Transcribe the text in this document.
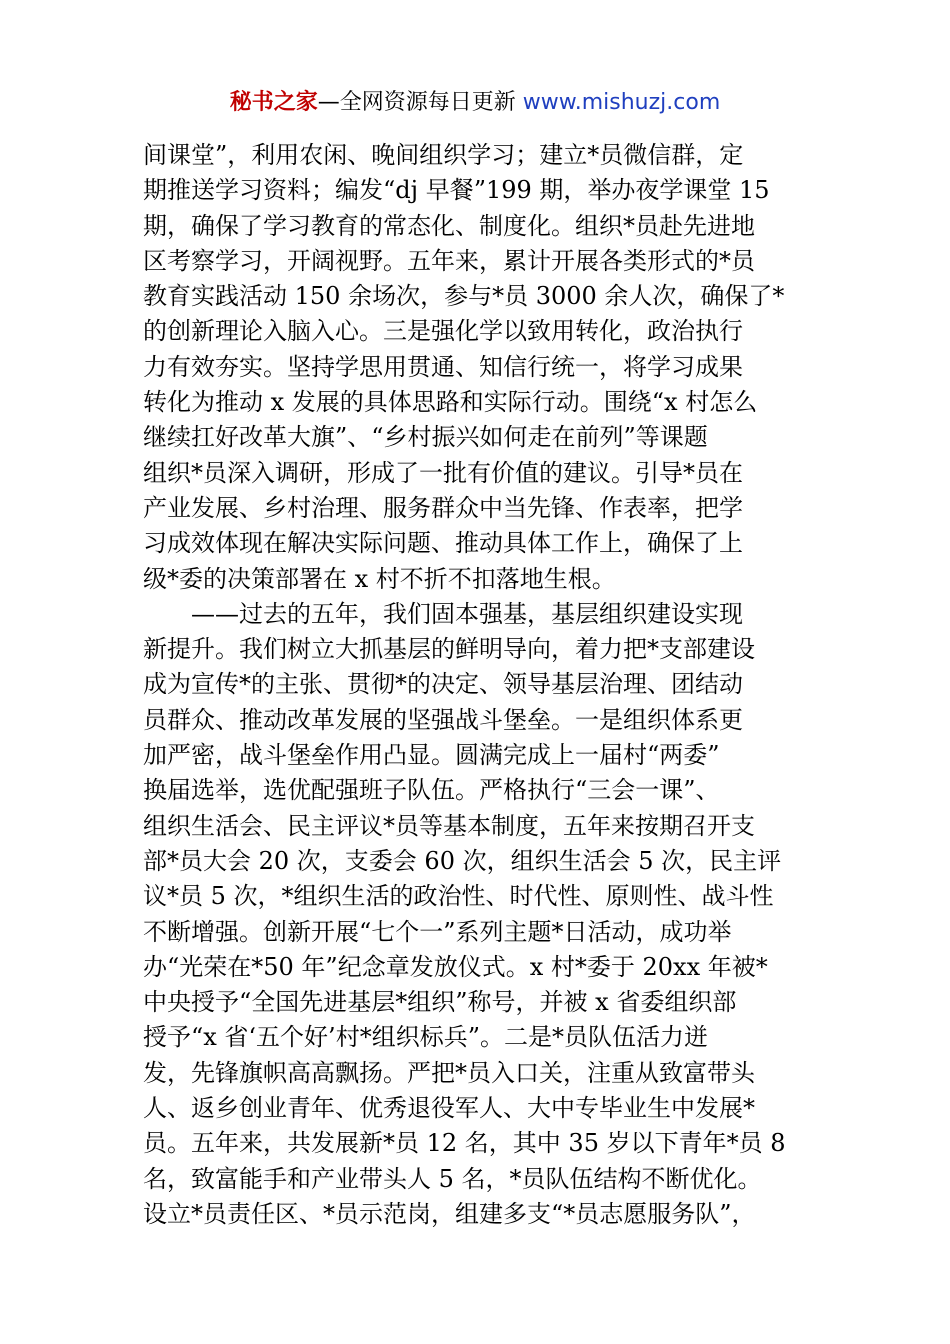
秘书之家—全网资源每日更新 www.mishuzj.com
间课堂”，利用农闲、晚间组织学习；建立*员微信群，定
期推送学习资料；编发“dj 早餐”199 期，举办夜学课堂 15
期，确保了学习教育的常态化、制度化。组织*员赴先进地
区考察学习，开阔视野。五年来，累计开展各类形式的*员
教育实践活动 150 余场次，参与*员 3000 余人次，确保了*
的创新理论入脑入心。三是强化学以致用转化，政治执行
力有效夯实。坚持学思用贯通、知信行统一，将学习成果
转化为推动 x 发展的具体思路和实际行动。围绕“x 村怎么
继续扛好改革大旗”、“乡村振兴如何走在前列”等课题
组织*员深入调研，形成了一批有价值的建议。引导*员在
产业发展、乡村治理、服务群众中当先锋、作表率，把学
习成效体现在解决实际问题、推动具体工作上，确保了上
级*委的决策部署在 x 村不折不扣落地生根。
——过去的五年，我们固本强基，基层组织建设实现
新提升。我们树立大抓基层的鲜明导向，着力把*支部建设
成为宣传*的主张、贯彻*的决定、领导基层治理、团结动
员群众、推动改革发展的坚强战斗堡垒。一是组织体系更
加严密，战斗堡垒作用凸显。圆满完成上一届村“两委”
换届选举，选优配强班子队伍。严格执行“三会一课”、
组织生活会、民主评议*员等基本制度，五年来按期召开支
部*员大会 20 次，支委会 60 次，组织生活会 5 次，民主评
议*员 5 次，*组织生活的政治性、时代性、原则性、战斗性
不断增强。创新开展“七个一”系列主题*日活动，成功举
办“光荣在*50 年”纪念章发放仪式。x 村*委于 20xx 年被*
中央授予“全国先进基层*组织”称号，并被 x 省委组织部
授予“x 省‘五个好’村*组织标兵”。二是*员队伍活力迸
发，先锋旗帜高高飘扬。严把*员入口关，注重从致富带头
人、返乡创业青年、优秀退役军人、大中专毕业生中发展*
员。五年来，共发展新*员 12 名，其中 35 岁以下青年*员 8
名，致富能手和产业带头人 5 名，*员队伍结构不断优化。
设立*员责任区、*员示范岗，组建多支“*员志愿服务队”，
